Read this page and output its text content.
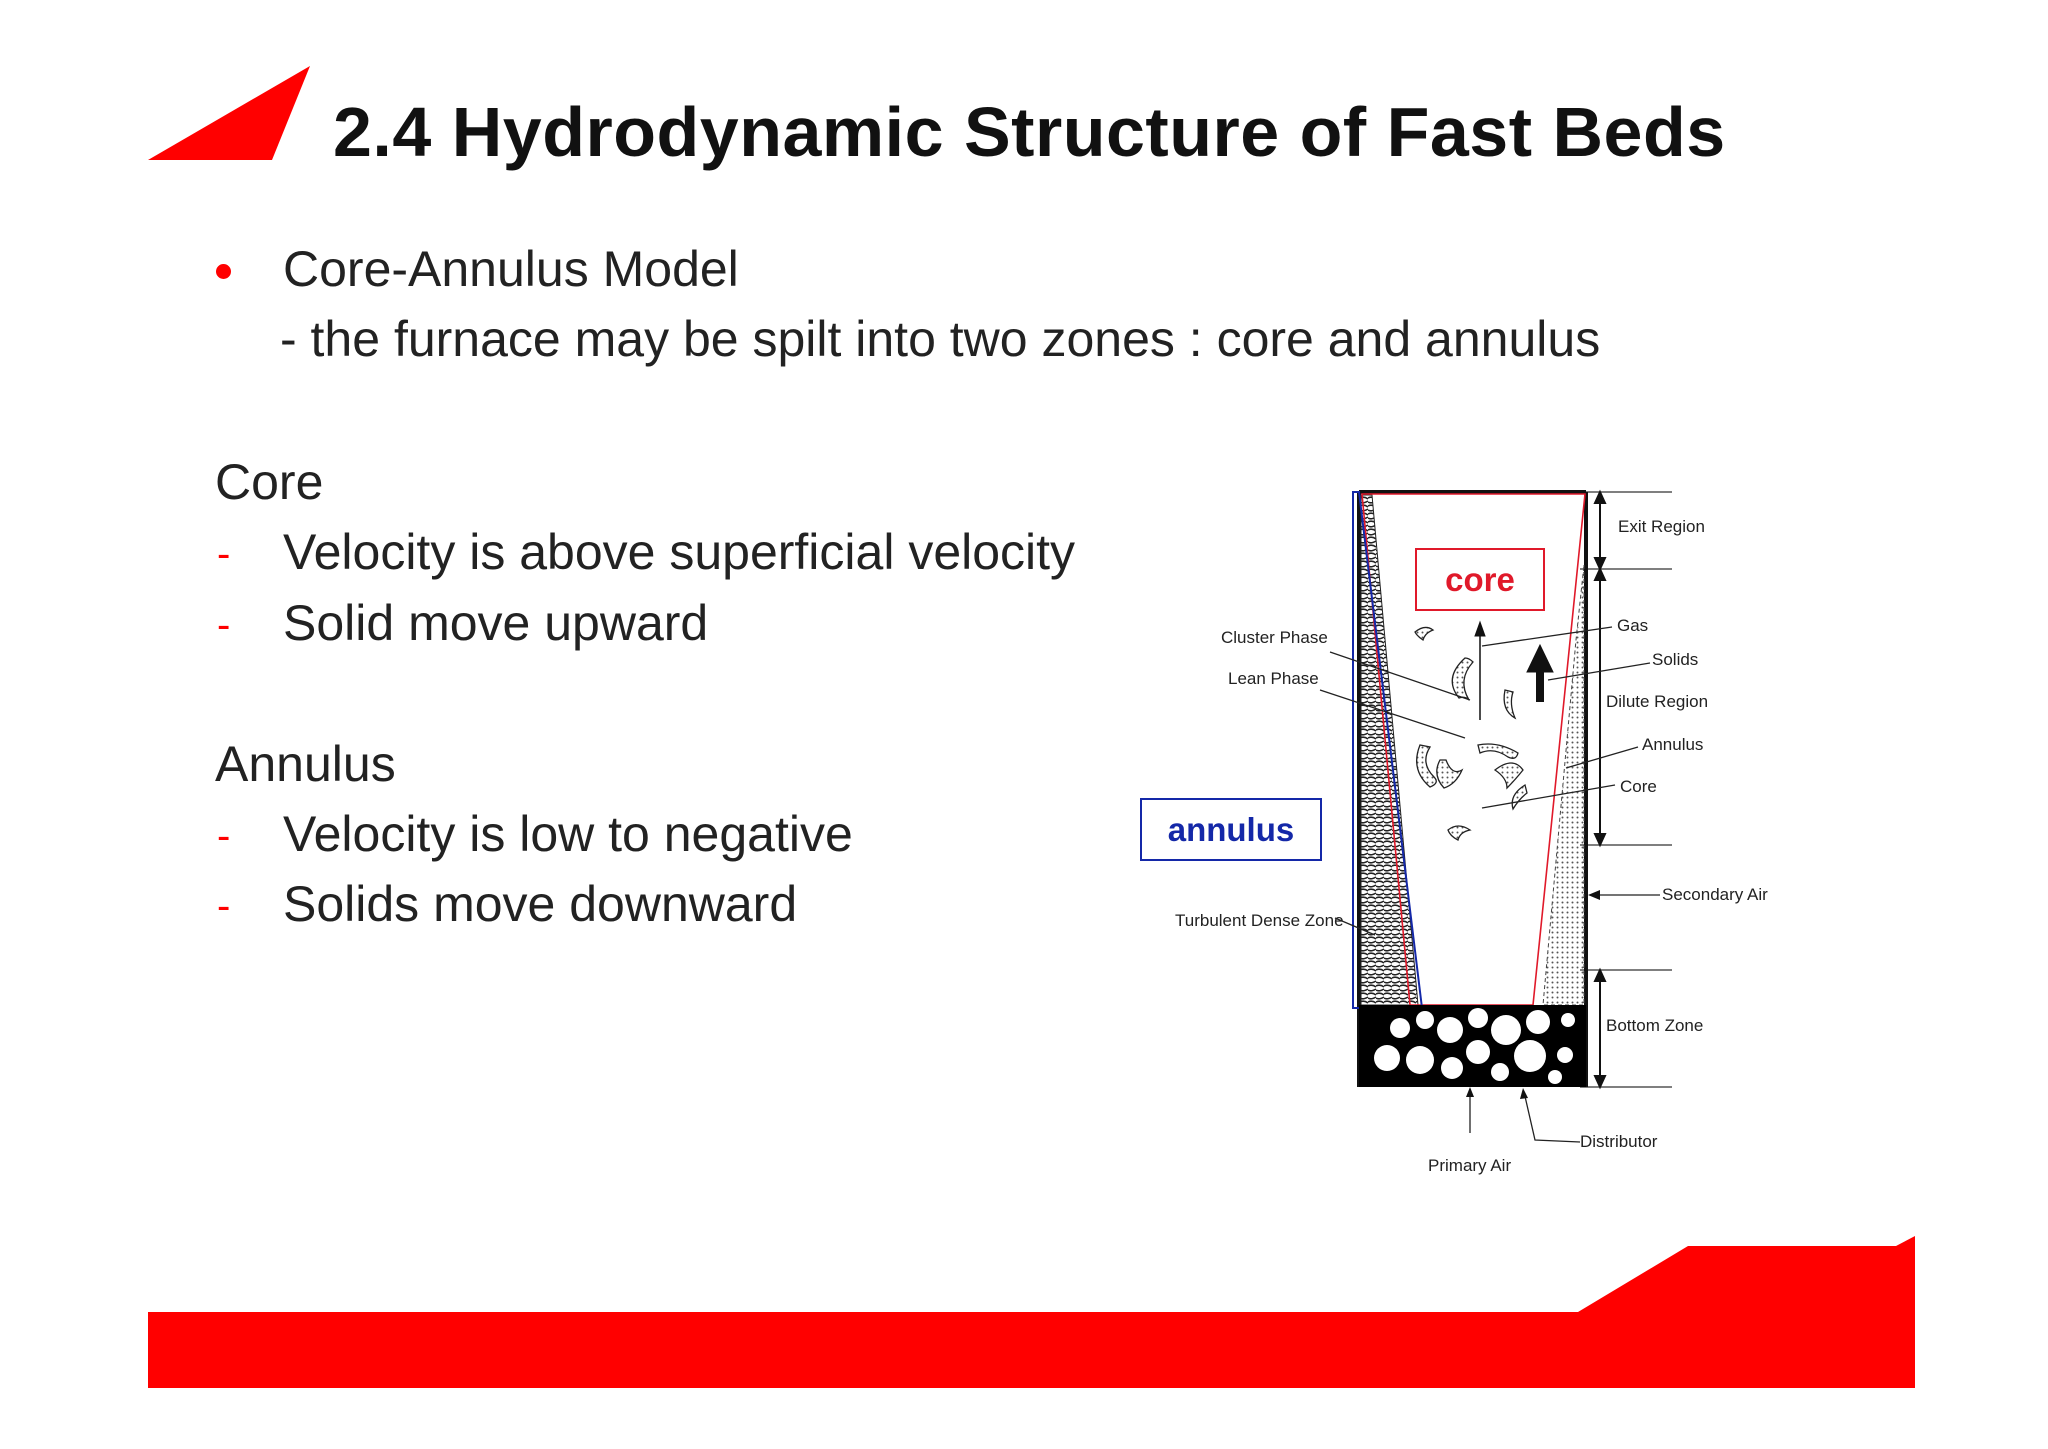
2.4 Hydrodynamic Structure of Fast Beds
Core-Annulus Model
- the furnace may be spilt into two zones : core and annulus
Core
- Velocity is above superficial velocity
- Solid move upward
Annulus
- Velocity is low to negative
- Solids move downward
Exit Region
Gas
Solids
Dilute Region
Annulus
Core
Secondary Air
Bottom Zone
Distributor
Primary Air
Cluster Phase
Lean Phase
Turbulent Dense Zone
core
annulus
